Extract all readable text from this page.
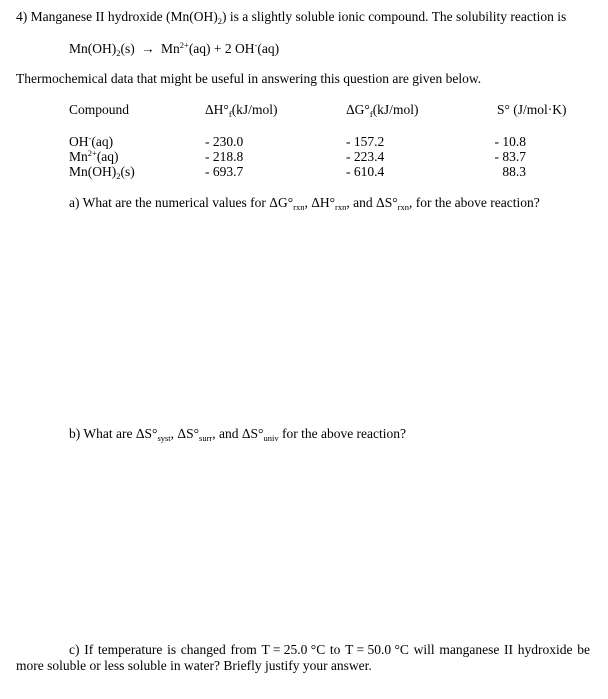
4) Manganese II hydroxide $(Mn(OH)_2)$ is a slightly soluble ionic compound. The solubility reaction is
$Mn(OH)_2(s) \to Mn^{2+}(aq) + 2$ OH-(aq)
Thermochemical data that might be useful in answering this question are given below.
Compound	$\Delta H^\circ_f(kJ/mol)$	$\Delta G^\circ_f(kJ/mol)$	S° (J/mol·K)
OH-(aq)	- 230.0	- 157.2	- 10.8
$Mn^{2+}(aq)$	- 218.8	- 223.4	- 83.7
$Mn(OH)_2(s)$	- 693.7	- 610.4	88.3
a) What are the numerical values for $\Delta G^\circ_{rxn}$, $\Delta H^\circ_{rxn}$, and $\Delta S^\circ_{rxn}$, for the above reaction?
b) What are $\Delta S^\circ_{syst}$, $\Delta S^\circ_{surr}$, and $\Delta S^\circ_{univ}$ for the above reaction?
c) If temperature is changed from T = 25.0 °C to T = 50.0 °C will manganese II hydroxide be
more soluble or less soluble in water? Briefly justify your answer.
